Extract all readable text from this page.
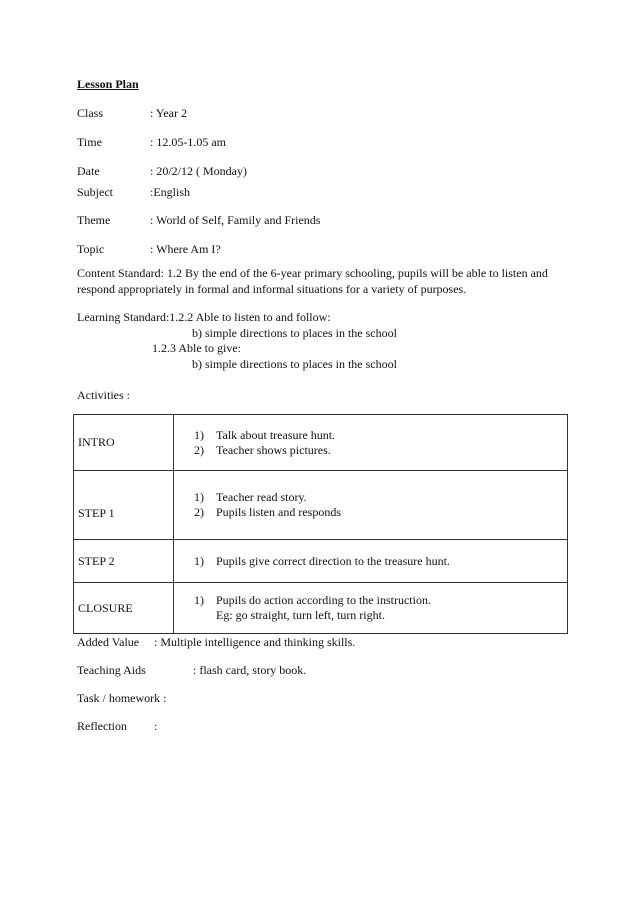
Lesson Plan
Class	: Year 2
Time	: 12.05-1.05 am
Date	: 20/2/12 ( Monday)
Subject	:English
Theme	: World of Self, Family and Friends
Topic	: Where Am I?
Content Standard: 1.2 By the end of the 6-year primary schooling, pupils will be able to listen and
respond appropriately in formal and informal situations for a variety of purposes.
Learning Standard:1.2.2 Able to listen to and follow:
b) simple directions to places in the school
1.2.3 Able to give:
b) simple directions to places in the school
Activities :
INTRO	1) Talk about treasure hunt.
2) Teacher shows pictures.

STEP 1	1) Teacher read story.
2) Pupils listen and responds

STEP 2	1) Pupils give correct direction to the treasure hunt.

CLOSURE	1) Pupils do action according to the instruction.
Eg: go straight, turn left, turn right.
Added Value : Multiple intelligence and thinking skills.
Teaching Aids	: flash card, story book.
Task / homework :
Reflection :
